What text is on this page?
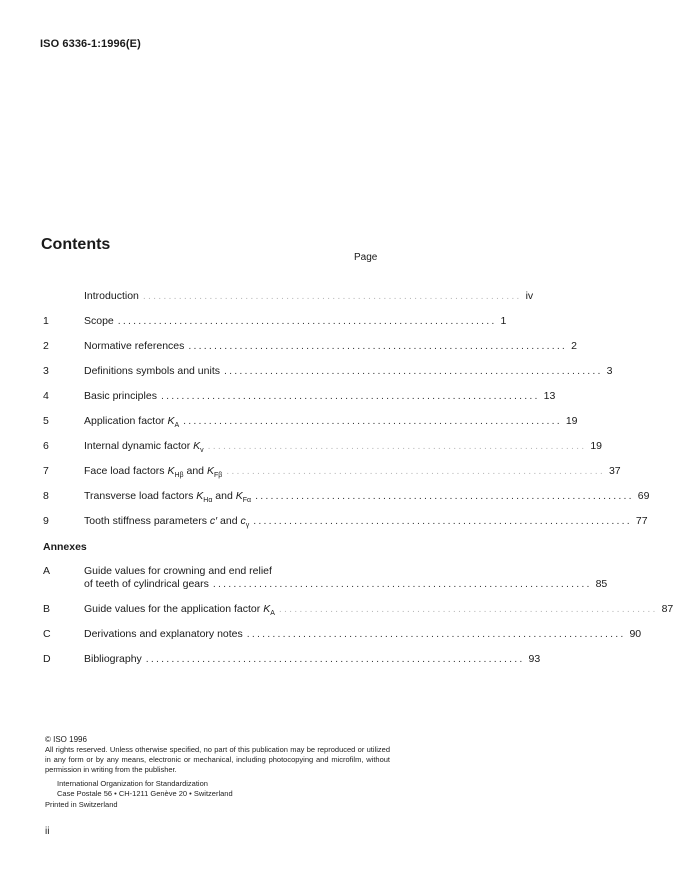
ISO 6336-1:1996(E)
Contents
Page
Introduction .......................................................................... iv
1	Scope .......................................................................... 1
2	Normative references .......................................................................... 2
3	Definitions symbols and units .......................................................................... 3
4	Basic principles .......................................................................... 13
5	Application factor $K_A$ .......................................................................... 19
6	Internal dynamic factor $K_v$ .......................................................................... 19
7	Face load factors $K_{H\beta}$ and $K_{F\beta}$ .......................................................................... 37
8	Transverse load factors $K_{H\alpha}$ and $K_{F\alpha}$ .......................................................................... 69
9	Tooth stiffness parameters c′ and $c_\gamma$ .......................................................................... 77
Annexes
A	Guide values for crowning and end relief
of teeth of cylindrical gears .......................................................................... 85
B	Guide values for the application factor $K_A$ .......................................................................... 87
C	Derivations and explanatory notes .......................................................................... 90
D	Bibliography .......................................................................... 93
© ISO 1996
All rights reserved. Unless otherwise specified, no part of this publication may be reproduced or utilized in any form or by any means, electronic or mechanical, including photocopying and microfilm, without permission in writing from the publisher.
International Organization for Standardization
Case Postale 56 • CH-1211 Genève 20 • Switzerland
Printed in Switzerland
ii
